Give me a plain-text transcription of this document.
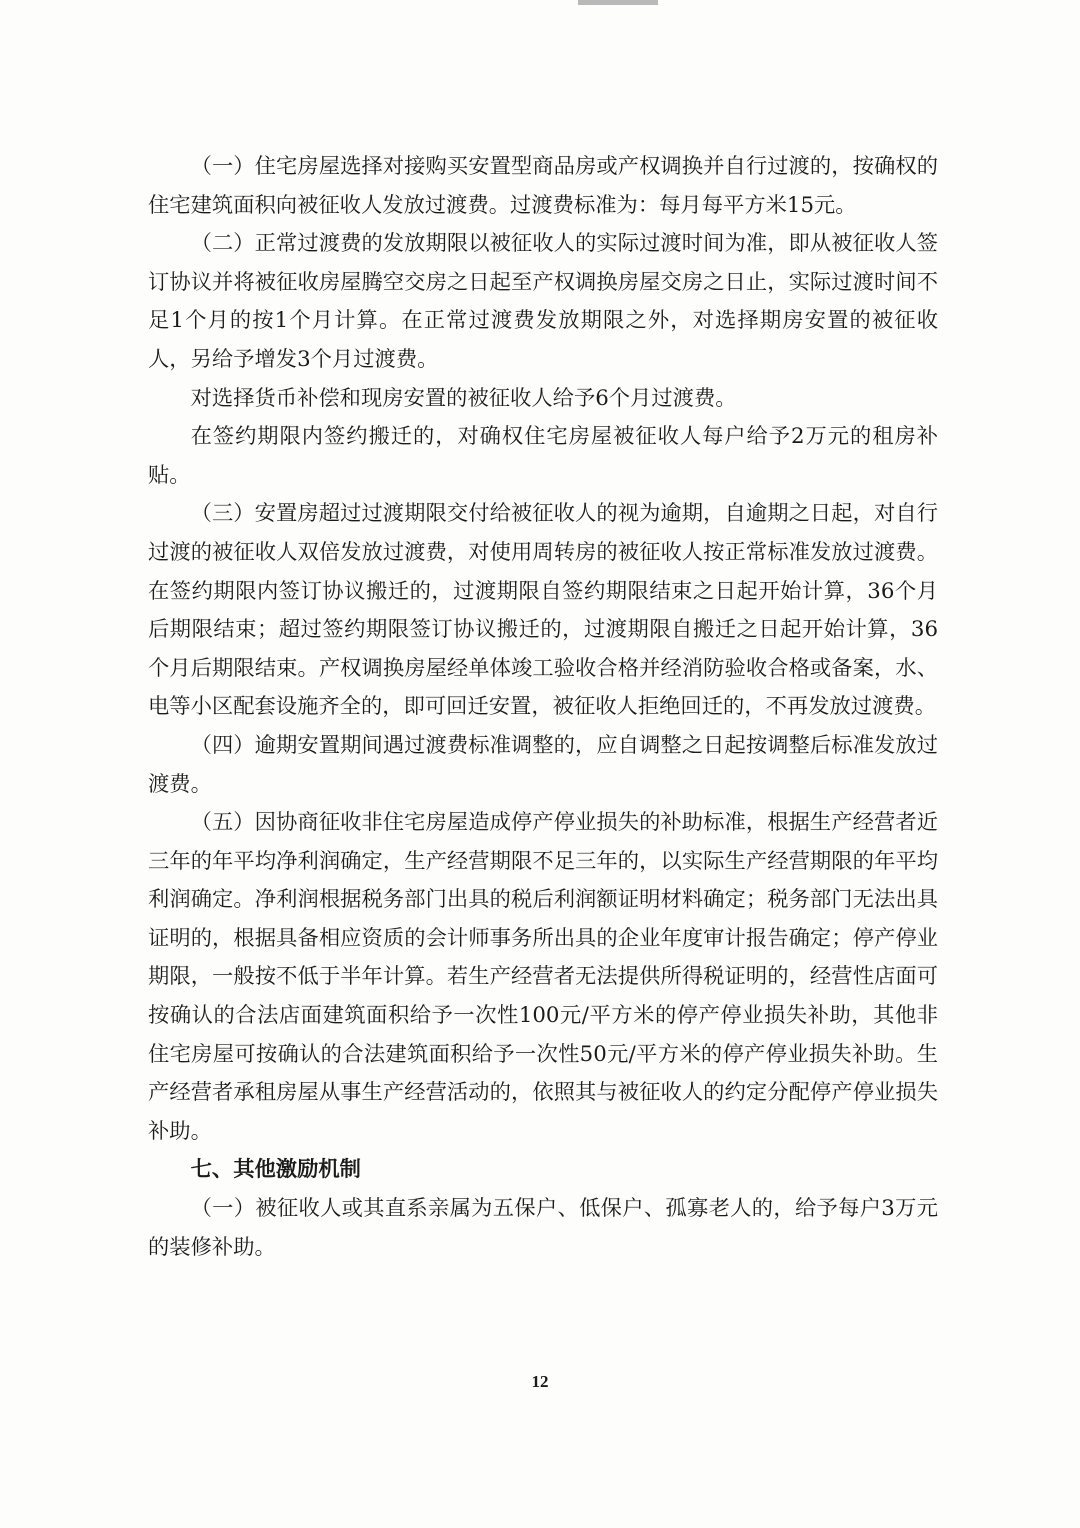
（一）住宅房屋选择对接购买安置型商品房或产权调换并自行过渡的，按确权的住宅建筑面积向被征收人发放过渡费。过渡费标准为：每月每平方米15元。

（二）正常过渡费的发放期限以被征收人的实际过渡时间为准，即从被征收人签订协议并将被征收房屋腾空交房之日起至产权调换房屋交房之日止，实际过渡时间不足1个月的按1个月计算。在正常过渡费发放期限之外，对选择期房安置的被征收人，另给予增发3个月过渡费。

对选择货币补偿和现房安置的被征收人给予6个月过渡费。

在签约期限内签约搬迁的，对确权住宅房屋被征收人每户给予2万元的租房补贴。

（三）安置房超过过渡期限交付给被征收人的视为逾期，自逾期之日起，对自行过渡的被征收人双倍发放过渡费，对使用周转房的被征收人按正常标准发放过渡费。在签约期限内签订协议搬迁的，过渡期限自签约期限结束之日起开始计算，36个月后期限结束；超过签约期限签订协议搬迁的，过渡期限自搬迁之日起开始计算，36个月后期限结束。产权调换房屋经单体竣工验收合格并经消防验收合格或备案，水、电等小区配套设施齐全的，即可回迁安置，被征收人拒绝回迁的，不再发放过渡费。

（四）逾期安置期间遇过渡费标准调整的，应自调整之日起按调整后标准发放过渡费。

（五）因协商征收非住宅房屋造成停产停业损失的补助标准，根据生产经营者近三年的年平均净利润确定，生产经营期限不足三年的，以实际生产经营期限的年平均利润确定。净利润根据税务部门出具的税后利润额证明材料确定；税务部门无法出具证明的，根据具备相应资质的会计师事务所出具的企业年度审计报告确定；停产停业期限，一般按不低于半年计算。若生产经营者无法提供所得税证明的，经营性店面可按确认的合法店面建筑面积给予一次性100元/平方米的停产停业损失补助，其他非住宅房屋可按确认的合法建筑面积给予一次性50元/平方米的停产停业损失补助。生产经营者承租房屋从事生产经营活动的，依照其与被征收人的约定分配停产停业损失补助。

七、其他激励机制

（一）被征收人或其直系亲属为五保户、低保户、孤寡老人的，给予每户3万元的装修补助。

12
